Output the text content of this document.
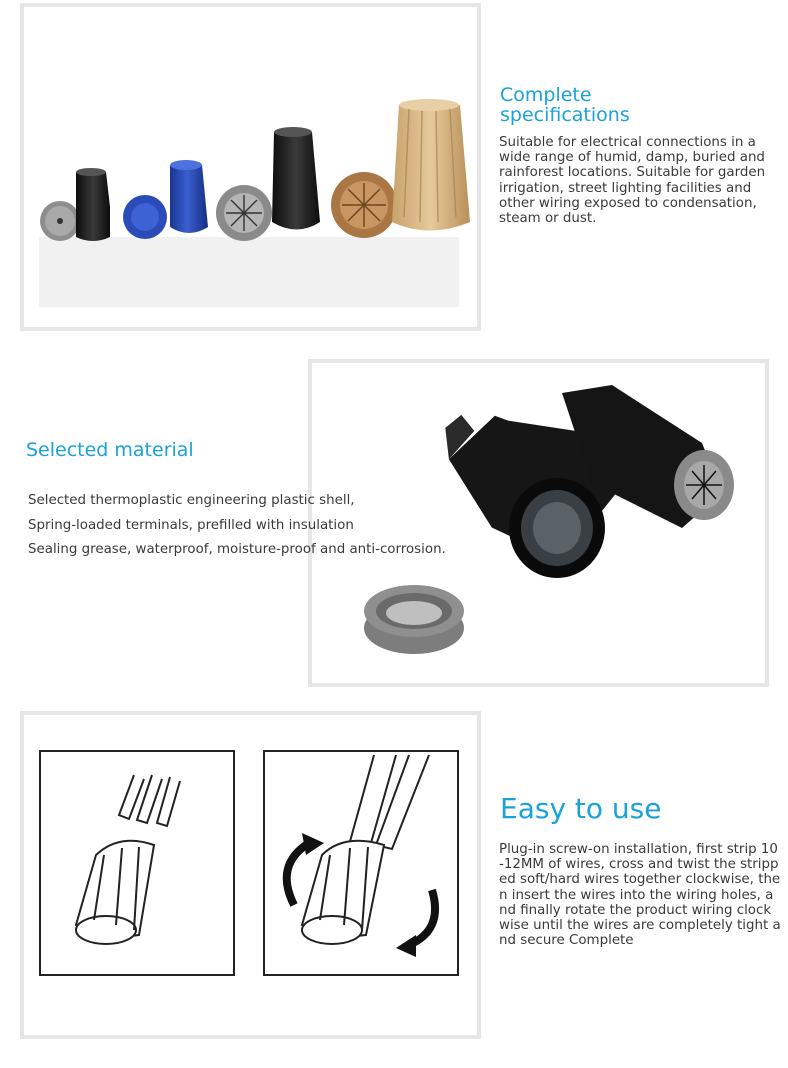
Complete specifications

Suitable for electrical connections in a wide range of humid, damp, buried and rainforest locations. Suitable for garden irrigation, street lighting facilities and other wiring exposed to condensation, steam or dust.

Selected material
Selected thermoplastic engineering plastic shell,
Spring-loaded terminals, prefilled with insulation
Sealing grease, waterproof, moisture-proof and anti-corrosion.
Easy to use

Plug-in screw-on installation, first strip 10-12MM of wires, cross and twist the stripped soft/hard wires together clockwise, then insert the wires into the wiring holes, and finally rotate the product wiring clockwise until the wires are completely tight and secure Complete
